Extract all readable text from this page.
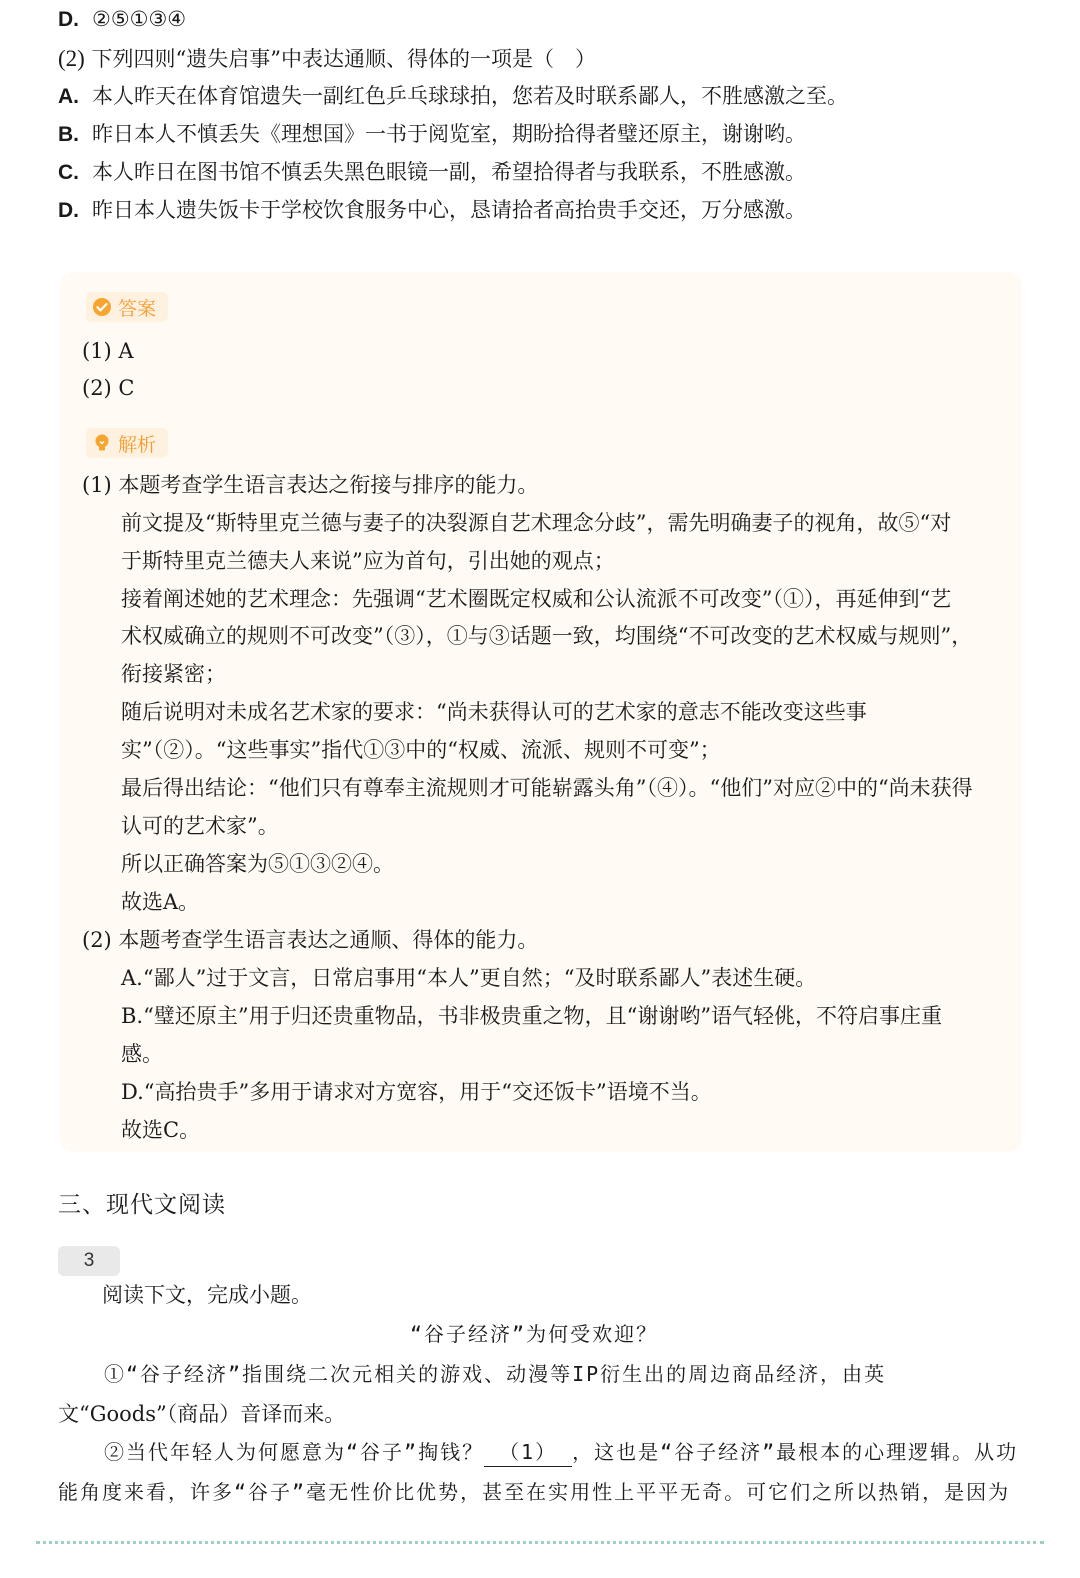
D. ②⑤①③④
(2) 下列四则“遗失启事”中表达通顺、得体的一项是（　）
A. 本人昨天在体育馆遗失一副红色乒乓球球拍，您若及时联系鄙人，不胜感激之至。
B. 昨日本人不慎丢失《理想国》一书于阅览室，期盼拾得者璧还原主，谢谢哟。
C. 本人昨日在图书馆不慎丢失黑色眼镜一副，希望拾得者与我联系，不胜感激。
D. 昨日本人遗失饭卡于学校饮食服务中心，恳请拾者高抬贵手交还，万分感激。
答案
(1) A
(2) C
解析
(1) 本题考查学生语言表达之衔接与排序的能力。
前文提及“斯特里克兰德与妻子的决裂源自艺术理念分歧”，需先明确妻子的视角，故⑤“对
于斯特里克兰德夫人来说”应为首句，引出她的观点；
接着阐述她的艺术理念：先强调“艺术圈既定权威和公认流派不可改变”（①），再延伸到“艺
术权威确立的规则不可改变”（③），①与③话题一致，均围绕“不可改变的艺术权威与规则”，
衔接紧密；
随后说明对未成名艺术家的要求：“尚未获得认可的艺术家的意志不能改变这些事
实”（②）。“这些事实”指代①③中的“权威、流派、规则不可变”；
最后得出结论：“他们只有尊奉主流规则才可能崭露头角”（④）。“他们”对应②中的“尚未获得
认可的艺术家”。
所以正确答案为⑤①③②④。
故选A。
(2) 本题考查学生语言表达之通顺、得体的能力。
A.“鄙人”过于文言，日常启事用“本人”更自然；“及时联系鄙人”表述生硬。
B.“璧还原主”用于归还贵重物品，书非极贵重之物，且“谢谢哟”语气轻佻，不符启事庄重
感。
D.“高抬贵手”多用于请求对方宽容，用于“交还饭卡”语境不当。
故选C。
三、现代文阅读
3
阅读下文，完成小题。
“谷子经济”为何受欢迎？
①“谷子经济”指围绕二次元相关的游戏、动漫等IP衍生出的周边商品经济，由英
文“Goods”（商品）音译而来。
②当代年轻人为何愿意为“谷子”掏钱？ （1） ，这也是“谷子经济”最根本的心理逻辑。从功
能角度来看，许多“谷子”毫无性价比优势，甚至在实用性上平平无奇。可它们之所以热销，是因为
